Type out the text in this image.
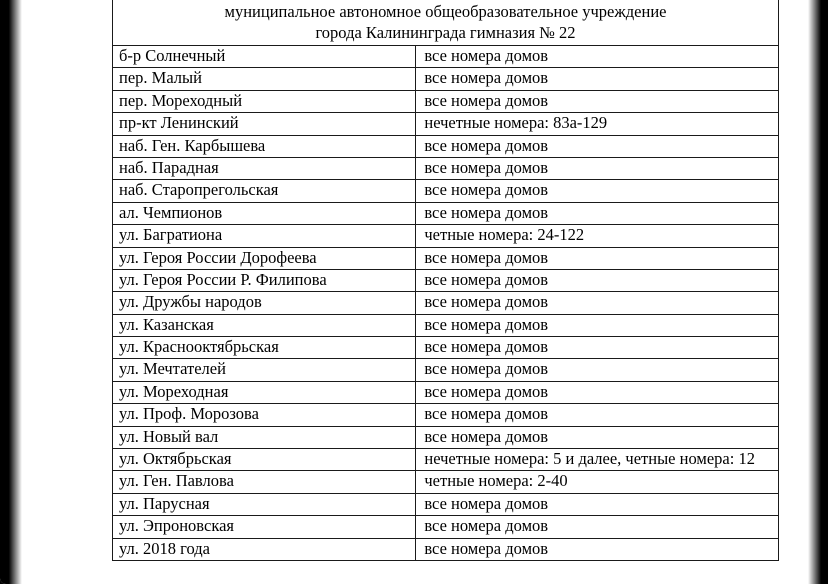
муниципальное автономное общеобразовательное учреждение
города Калининграда гимназия № 22	

б-р Солнечный	все номера домов
пер. Малый	все номера домов
пер. Мореходный	все номера домов
пр-кт Ленинский	нечетные номера: 83а-129
наб. Ген. Карбышева	все номера домов
наб. Парадная	все номера домов
наб. Старопрегольская	все номера домов
ал. Чемпионов	все номера домов
ул. Багратиона	четные номера: 24-122
ул. Героя России Дорофеева	все номера домов
ул. Героя России Р. Филипова	все номера домов
ул. Дружбы народов	все номера домов
ул. Казанская	все номера домов
ул. Краснооктябрьская	все номера домов
ул. Мечтателей	все номера домов
ул. Мореходная	все номера домов
ул. Проф. Морозова	все номера домов
ул. Новый вал	все номера домов
ул. Октябрьская	нечетные номера: 5 и далее, четные номера: 12
ул. Ген. Павлова	четные номера: 2-40
ул. Парусная	все номера домов
ул. Эпроновская	все номера домов
ул. 2018 года	все номера домов
